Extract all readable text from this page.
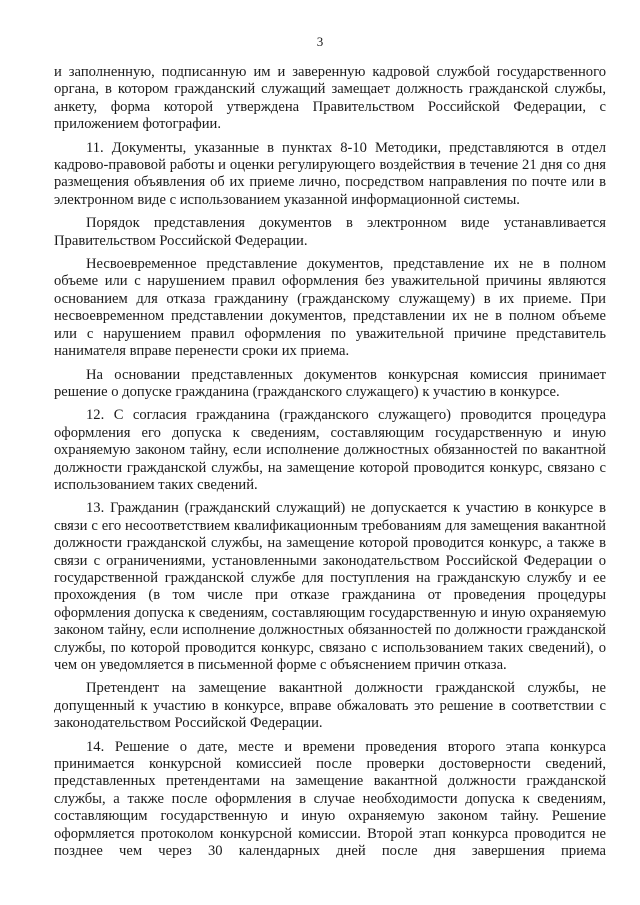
3

и заполненную, подписанную им и заверенную кадровой службой государственного органа, в котором гражданский служащий замещает должность гражданской службы, анкету, форма которой утверждена Правительством Российской Федерации, с приложением фотографии.

11. Документы, указанные в пунктах 8-10 Методики, представляются в отдел кадрово-правовой работы и оценки регулирующего воздействия в течение 21 дня со дня размещения объявления об их приеме лично, посредством направления по почте или в электронном виде с использованием указанной информационной системы.

Порядок представления документов в электронном виде устанавливается Правительством Российской Федерации.

Несвоевременное представление документов, представление их не в полном объеме или с нарушением правил оформления без уважительной причины являются основанием для отказа гражданину (гражданскому служащему) в их приеме. При несвоевременном представлении документов, представлении их не в полном объеме или с нарушением правил оформления по уважительной причине представитель нанимателя вправе перенести сроки их приема.

На основании представленных документов конкурсная комиссия принимает решение о допуске гражданина (гражданского служащего) к участию в конкурсе.

12. С согласия гражданина (гражданского служащего) проводится процедура оформления его допуска к сведениям, составляющим государственную и иную охраняемую законом тайну, если исполнение должностных обязанностей по вакантной должности гражданской службы, на замещение которой проводится конкурс, связано с использованием таких сведений.

13. Гражданин (гражданский служащий) не допускается к участию в конкурсе в связи с его несоответствием квалификационным требованиям для замещения вакантной должности гражданской службы, на замещение которой проводится конкурс, а также в связи с ограничениями, установленными законодательством Российской Федерации о государственной гражданской службе для поступления на гражданскую службу и ее прохождения (в том числе при отказе гражданина от проведения процедуры оформления допуска к сведениям, составляющим государственную и иную охраняемую законом тайну, если исполнение должностных обязанностей по должности гражданской службы, по которой проводится конкурс, связано с использованием таких сведений), о чем он уведомляется в письменной форме с объяснением причин отказа.

Претендент на замещение вакантной должности гражданской службы, не допущенный к участию в конкурсе, вправе обжаловать это решение в соответствии с законодательством Российской Федерации.

14. Решение о дате, месте и времени проведения второго этапа конкурса принимается конкурсной комиссией после проверки достоверности сведений, представленных претендентами на замещение вакантной должности гражданской службы, а также после оформления в случае необходимости допуска к сведениям, составляющим государственную и иную охраняемую законом тайну. Решение оформляется протоколом конкурсной комиссии. Второй этап конкурса проводится не позднее чем через 30 календарных дней после дня завершения приема
